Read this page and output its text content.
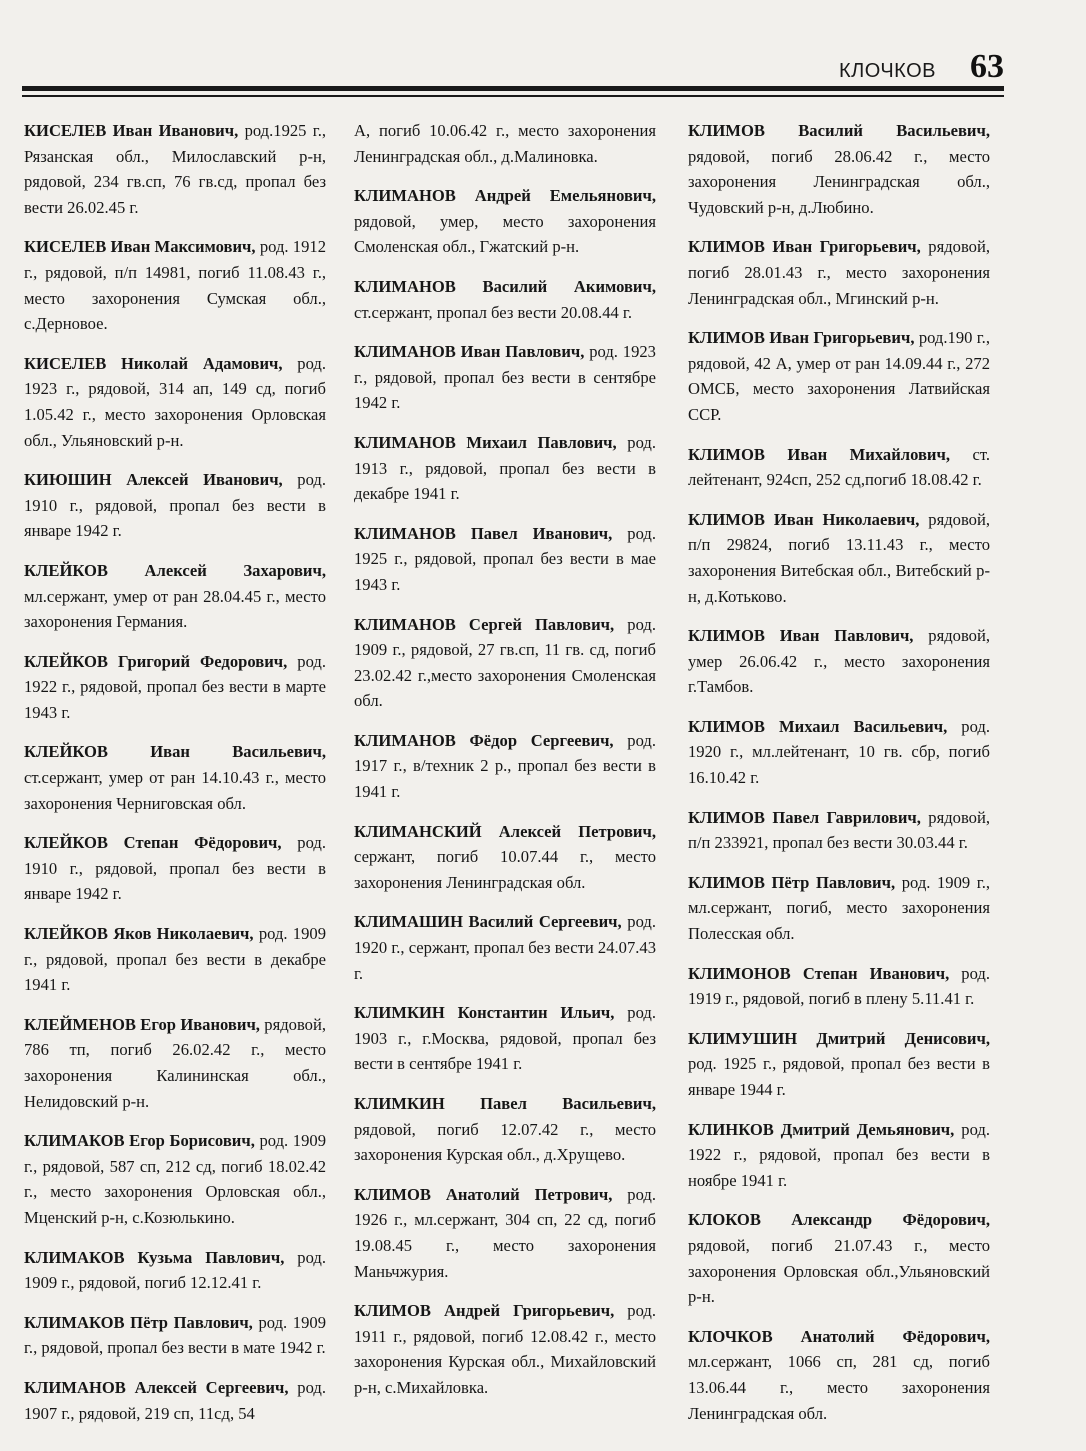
КЛОЧКОВ 63

КИСЕЛЕВ Иван Иванович, род.1925 г., Рязанская обл., Милославский р-н, рядовой, 234 гв.сп, 76 гв.сд, пропал без вести 26.02.45 г.

КИСЕЛЕВ Иван Максимович, род. 1912 г., рядовой, п/п 14981, погиб 11.08.43 г., место захоронения Сумская обл., с.Дерновое.

КИСЕЛЕВ Николай Адамович, род. 1923 г., рядовой, 314 ап, 149 сд, погиб 1.05.42 г., место захоронения Орловская обл., Ульяновский р-н.

КИЮШИН Алексей Иванович, род. 1910 г., рядовой, пропал без вести в январе 1942 г.

КЛЕЙКОВ Алексей Захарович, мл.сержант, умер от ран 28.04.45 г., место захоронения Германия.

КЛЕЙКОВ Григорий Федорович, род. 1922 г., рядовой, пропал без вести в марте 1943 г.

КЛЕЙКОВ Иван Васильевич, ст.сержант, умер от ран 14.10.43 г., место захоронения Черниговская обл.

КЛЕЙКОВ Степан Фёдорович, род. 1910 г., рядовой, пропал без вести в январе 1942 г.

КЛЕЙКОВ Яков Николаевич, род. 1909 г., рядовой, пропал без вести в декабре 1941 г.

КЛЕЙМЕНОВ Егор Иванович, рядовой, 786 тп, погиб 26.02.42 г., место захоронения Калининская обл., Нелидовский р-н.

КЛИМАКОВ Егор Борисович, род. 1909 г., рядовой, 587 сп, 212 сд, погиб 18.02.42 г., место захоронения Орловская обл., Мценский р-н, с.Козюлькино.

КЛИМАКОВ Кузьма Павлович, род. 1909 г., рядовой, погиб 12.12.41 г.

КЛИМАКОВ Пётр Павлович, род. 1909 г., рядовой, пропал без вести в мате 1942 г.

КЛИМАНОВ Алексей Сергеевич, род. 1907 г., рядовой, 219 сп, 11сд, 54

А, погиб 10.06.42 г., место захоронения Ленинградская обл., д.Малиновка.

КЛИМАНОВ Андрей Емельянович, рядовой, умер, место захоронения Смоленская обл., Гжатский р-н.

КЛИМАНОВ Василий Акимович, ст.сержант, пропал без вести 20.08.44 г.

КЛИМАНОВ Иван Павлович, род. 1923 г., рядовой, пропал без вести в сентябре 1942 г.

КЛИМАНОВ Михаил Павлович, род. 1913 г., рядовой, пропал без вести в декабре 1941 г.

КЛИМАНОВ Павел Иванович, род. 1925 г., рядовой, пропал без вести в мае 1943 г.

КЛИМАНОВ Сергей Павлович, род. 1909 г., рядовой, 27 гв.сп, 11 гв. сд, погиб 23.02.42 г.,место захоронения Смоленская обл.

КЛИМАНОВ Фёдор Сергеевич, род. 1917 г., в/техник 2 р., пропал без вести в 1941 г.

КЛИМАНСКИЙ Алексей Петрович, сержант, погиб 10.07.44 г., место захоронения Ленинградская обл.

КЛИМАШИН Василий Сергеевич, род. 1920 г., сержант, пропал без вести 24.07.43 г.

КЛИМКИН Константин Ильич, род. 1903 г., г.Москва, рядовой, пропал без вести в сентябре 1941 г.

КЛИМКИН Павел Васильевич, рядовой, погиб 12.07.42 г., место захоронения Курская обл., д.Хрущево.

КЛИМОВ Анатолий Петрович, род. 1926 г., мл.сержант, 304 сп, 22 сд, погиб 19.08.45 г., место захоронения Маньчжурия.

КЛИМОВ Андрей Григорьевич, род. 1911 г., рядовой, погиб 12.08.42 г., место захоронения Курская обл., Михайловский р-н, с.Михайловка.

КЛИМОВ Василий Васильевич, рядовой, погиб 28.06.42 г., место захоронения Ленинградская обл., Чудовский р-н, д.Любино.

КЛИМОВ Иван Григорьевич, рядовой, погиб 28.01.43 г., место захоронения Ленинградская обл., Мгинский р-н.

КЛИМОВ Иван Григорьевич, род.190 г., рядовой, 42 А, умер от ран 14.09.44 г., 272 ОМСБ, место захоронения Латвийская ССР.

КЛИМОВ Иван Михайлович, ст. лейтенант, 924сп, 252 сд,погиб 18.08.42 г.

КЛИМОВ Иван Николаевич, рядовой, п/п 29824, погиб 13.11.43 г., место захоронения Витебская обл., Витебский р-н, д.Котьково.

КЛИМОВ Иван Павлович, рядовой, умер 26.06.42 г., место захоронения г.Тамбов.

КЛИМОВ Михаил Васильевич, род. 1920 г., мл.лейтенант, 10 гв. сбр, погиб 16.10.42 г.

КЛИМОВ Павел Гаврилович, рядовой, п/п 233921, пропал без вести 30.03.44 г.

КЛИМОВ Пётр Павлович, род. 1909 г., мл.сержант, погиб, место захоронения Полесская обл.

КЛИМОНОВ Степан Иванович, род. 1919 г., рядовой, погиб в плену 5.11.41 г.

КЛИМУШИН Дмитрий Денисович, род. 1925 г., рядовой, пропал без вести в январе 1944 г.

КЛИНКОВ Дмитрий Демьянович, род. 1922 г., рядовой, пропал без вести в ноябре 1941 г.

КЛОКОВ Александр Фёдорович, рядовой, погиб 21.07.43 г., место захоронения Орловская обл.,Ульяновский р-н.

КЛОЧКОВ Анатолий Фёдорович, мл.сержант, 1066 сп, 281 сд, погиб 13.06.44 г., место захоронения Ленинградская обл.
